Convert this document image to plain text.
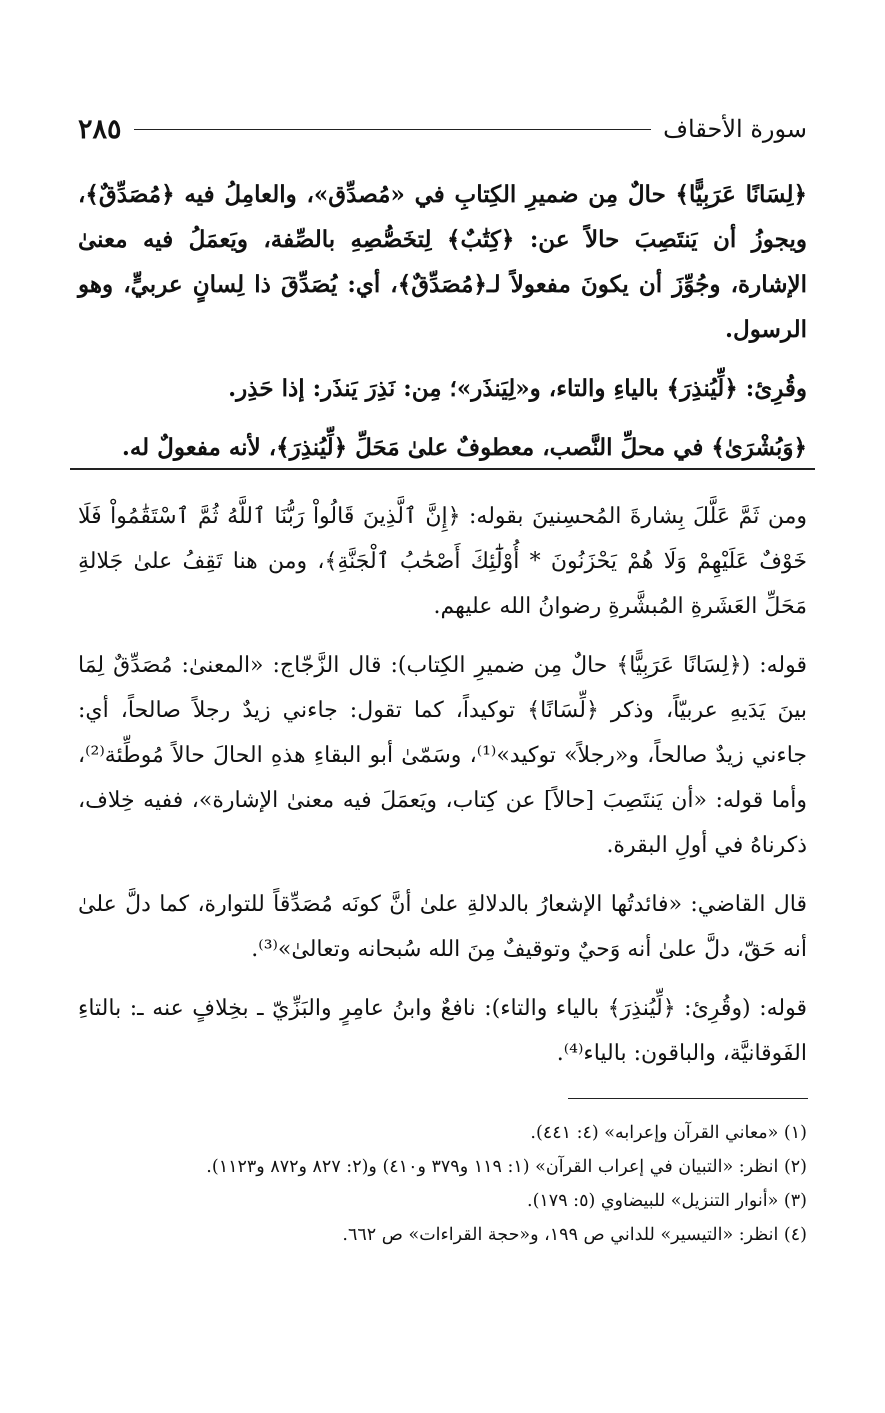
سورة الأحقاف
٢٨٥

﴿لِسَانًا عَرَبِيًّا﴾ حالٌ مِن ضميرِ الكِتابِ في «مُصدِّق»، والعامِلُ فيه ﴿مُصَدِّقٌ﴾، ويجوزُ أن يَنتَصِبَ حالاً عن: ﴿كِتَٰبٌ﴾ لِتخَصُّصِهِ بالصِّفة، ويَعمَلُ فيه معنىٰ الإشارة، وجُوِّزَ أن يكونَ مفعولاً لـ﴿مُصَدِّقٌ﴾، أي: يُصَدِّقَ ذا لِسانٍ عربيٍّ، وهو الرسول.

وقُرِئ: ﴿لِّيُنذِرَ﴾ بالياءِ والتاء، و«لِيَنذَر»؛ مِن: نَذِرَ يَنذَر: إذا حَذِر.

﴿وَبُشْرَىٰ﴾ في محلِّ النَّصب، معطوفٌ علىٰ مَحَلِّ ﴿لِّيُنذِرَ﴾، لأنه مفعولٌ له.

ومن ثَمَّ عَلَّلَ بِشارةَ المُحسِنينَ بقوله: ﴿إِنَّ ٱلَّذِينَ قَالُواْ رَبُّنَا ٱللَّهُ ثُمَّ ٱسْتَقَٰمُواْ فَلَا خَوْفٌ عَلَيْهِمْ وَلَا هُمْ يَحْزَنُونَ * أُوْلَٰٓئِكَ أَصْحَٰبُ ٱلْجَنَّةِ﴾، ومن هنا تَقِفُ علىٰ جَلالةِ مَحَلِّ العَشَرةِ المُبشَّرةِ رضوانُ الله عليهم.

قوله: (﴿لِسَانًا عَرَبِيًّا﴾ حالٌ مِن ضميرِ الكِتاب): قال الزَّجّاج: «المعنىٰ: مُصَدِّقٌ لِمَا بينَ يَدَيهِ عربيّاً، وذكر ﴿لِّسَانًا﴾ توكيداً، كما تقول: جاءني زيدٌ رجلاً صالحاً، أي: جاءني زيدٌ صالحاً، و«رجلاً» توكيد»⁽¹⁾، وسَمّىٰ أبو البقاءِ هذهِ الحالَ حالاً مُوطِّئة⁽²⁾، وأما قوله: «أن يَنتَصِبَ [حالاً] عن كِتاب، ويَعمَلَ فيه معنىٰ الإشارة»، ففيه خِلاف، ذكرناهُ في أولِ البقرة.

قال القاضي: «فائدتُها الإشعارُ بالدلالةِ علىٰ أنَّ كونَه مُصَدِّقاً للتوارة، كما دلَّ علىٰ أنه حَقّ، دلَّ علىٰ أنه وَحيٌ وتوقيفٌ مِنَ الله سُبحانه وتعالىٰ»⁽³⁾.

قوله: (وقُرِئ: ﴿لِّيُنذِرَ﴾ بالياء والتاء): نافعٌ وابنُ عامِرٍ والبَزِّيّ ـ بخِلافٍ عنه ـ: بالتاءِ الفَوقانيَّة، والباقون: بالياء⁽⁴⁾.

(١) «معاني القرآن وإعرابه» (٤: ٤٤١).

(٢) انظر: «التبيان في إعراب القرآن» (١: ١١٩ و٣٧٩ و٤١٠) و(٢: ٨٢٧ و٨٧٢ و١١٢٣).

(٣) «أنوار التنزيل» للبيضاوي (٥: ١٧٩).

(٤) انظر: «التيسير» للداني ص ١٩٩، و«حجة القراءات» ص ٦٦٢.
